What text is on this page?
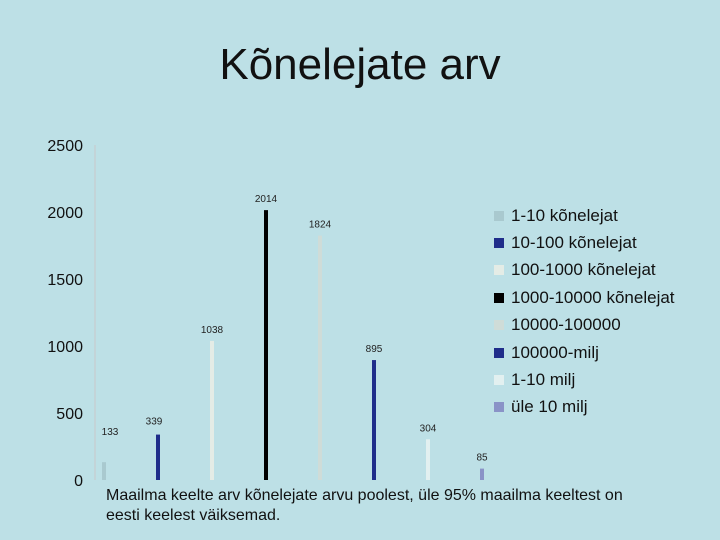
Kõnelejate arv
0
500
1000
1500
2000
2500
133
339
1038
2014
1824
895
304
85
1-10 kõnelejat
10-100 kõnelejat
100-1000 kõnelejat
1000-10000 kõnelejat
10000-100000
100000-milj
1-10 milj
üle 10 milj
Maailma keelte arv kõnelejate arvu poolest, üle 95% maailma keeltest on eesti keelest väiksemad.
